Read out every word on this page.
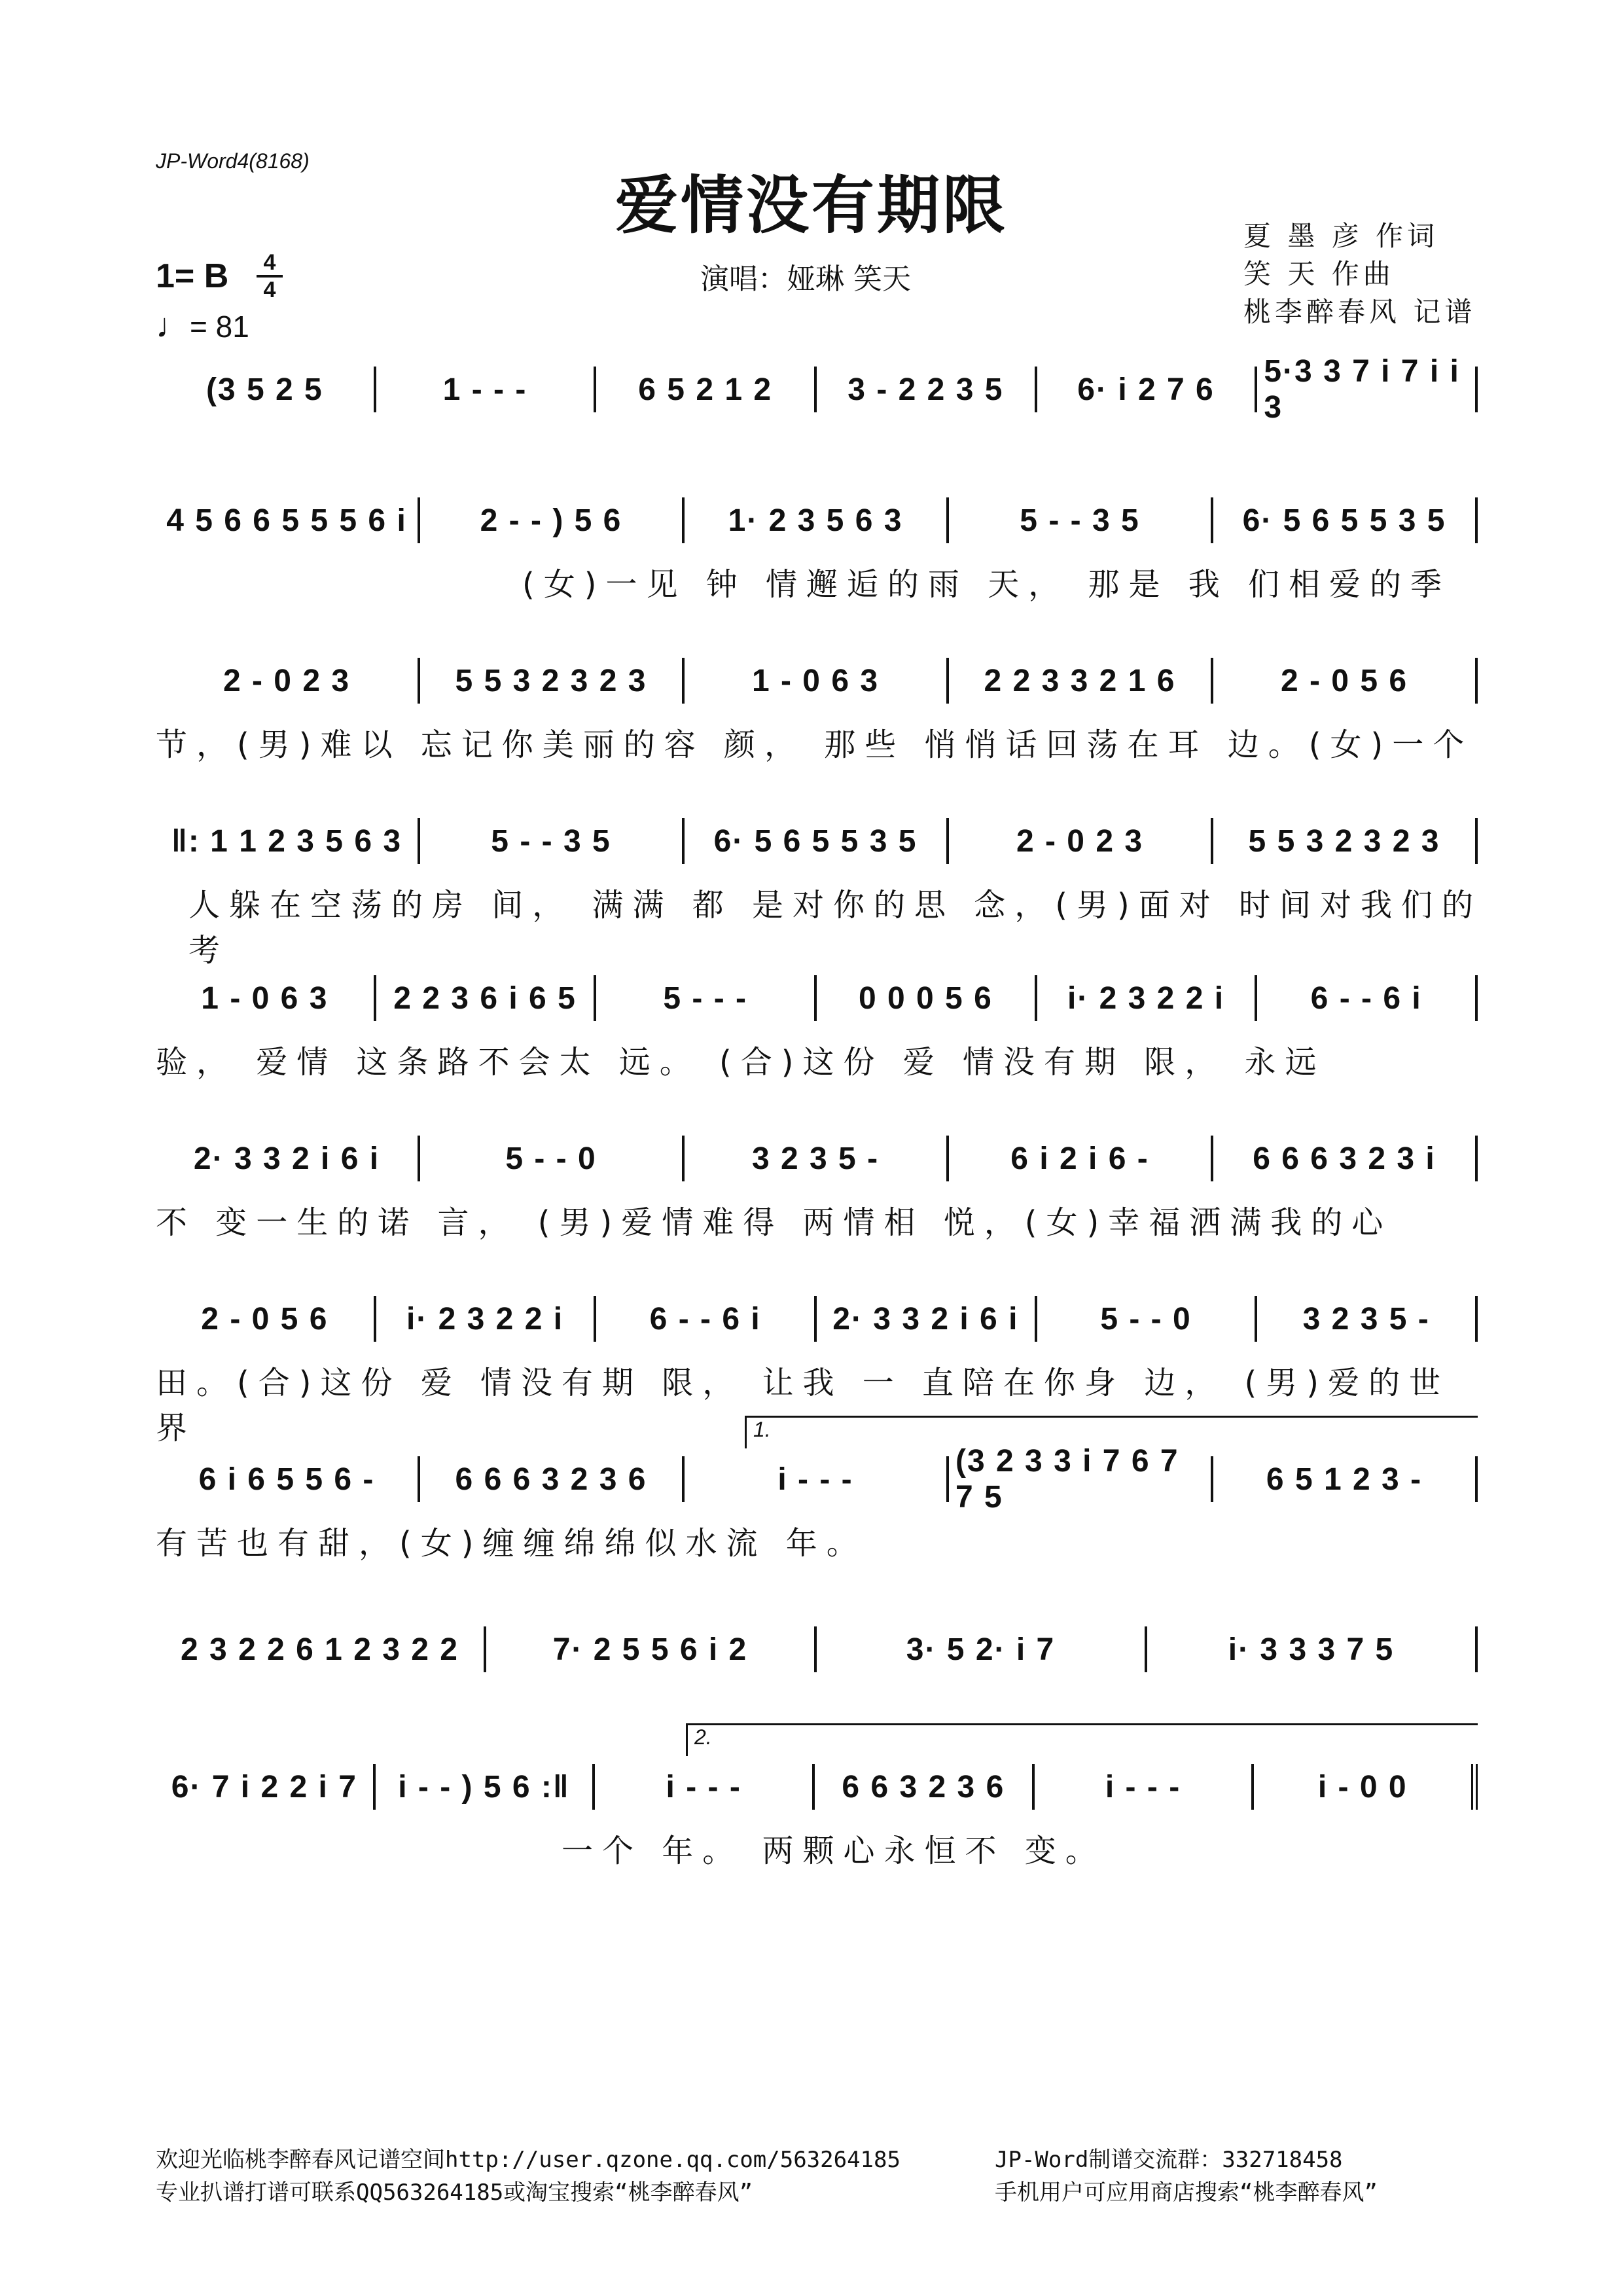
JP-Word4(8168)
爱情没有期限
演唱：娅琳 笑天
夏 墨 彦 作词
笑 天 作曲
桃李醉春风 记谱
1= B	4
4
♩= 81
(3 5 2 5	1 - - -	6 5 2 1 2	3 - 2 2 3 5	6· i 2 7 6
5·3 3 7 i 7 i i 3
4 5 6 6 5 5 5 6 i	2 - - ) 5 6	1· 2 3 5 6 3	5 - - 3 5	6· 5 6 5 5 3 5
(女)一见 钟 情邂逅的雨 天， 那是 我 们相爱的季
2 - 0 2 3	5 5 3 2 3 2 3	1 - 0 6 3	2 2 3 3 2 1 6	2 - 0 5 6
节，(男)难以 忘记你美丽的容 颜， 那些 悄悄话回荡在耳 边。(女)一个
‖: 1 1 2 3 5 6 3	5 - - 3 5	6· 5 6 5 5 3 5	2 - 0 2 3	5 5 3 2 3 2 3
人躲在空荡的房 间， 满满 都 是对你的思 念，(男)面对 时间对我们的考
1 - 0 6 3	2 2 3 6 i 6 5	5 - - -	0 0 0 5 6	i· 2 3 2 2 i	6 - - 6 i
验， 爱情 这条路不会太 远。 (合)这份 爱 情没有期 限， 永远
2· 3 3 2 i 6 i	5 - - 0	3 2 3 5 -	6 i 2 i 6 -	6 6 6 3 2 3 i
不 变一生的诺 言， (男)爱情难得 两情相 悦，(女)幸福洒满我的心
2 - 0 5 6	i· 2 3 2 2 i	6 - - 6 i	2· 3 3 2 i 6 i	5 - - 0	3 2 3 5 -
田。(合)这份 爱 情没有期 限， 让我 一 直陪在你身 边， (男)爱的世界
6 i 6 5 5 6 -	6 6 6 3 2 3 6	i - - -
(3 2 3 3 i 7 6 7 7 5
6 5 1 2 3 -
1.
有苦也有甜，(女)缠缠绵绵似水流 年。
2 3 2 2 6 1 2 3 2 2	7· 2 5 5 6 i 2	3· 5 2· i 7	i· 3 3 3 7 5
6· 7 i 2 2 i 7	i - - ) 5 6 :‖	i - - -	6 6 3 2 3 6	i - - -	i - 0 0
2.
一个 年。 两颗心永恒不 变。
欢迎光临桃李醉春风记谱空间http://user.qzone.qq.com/563264185	JP-Word制谱交流群：332718458
专业扒谱打谱可联系QQ563264185或淘宝搜索“桃李醉春风”	手机用户可应用商店搜索“桃李醉春风”
